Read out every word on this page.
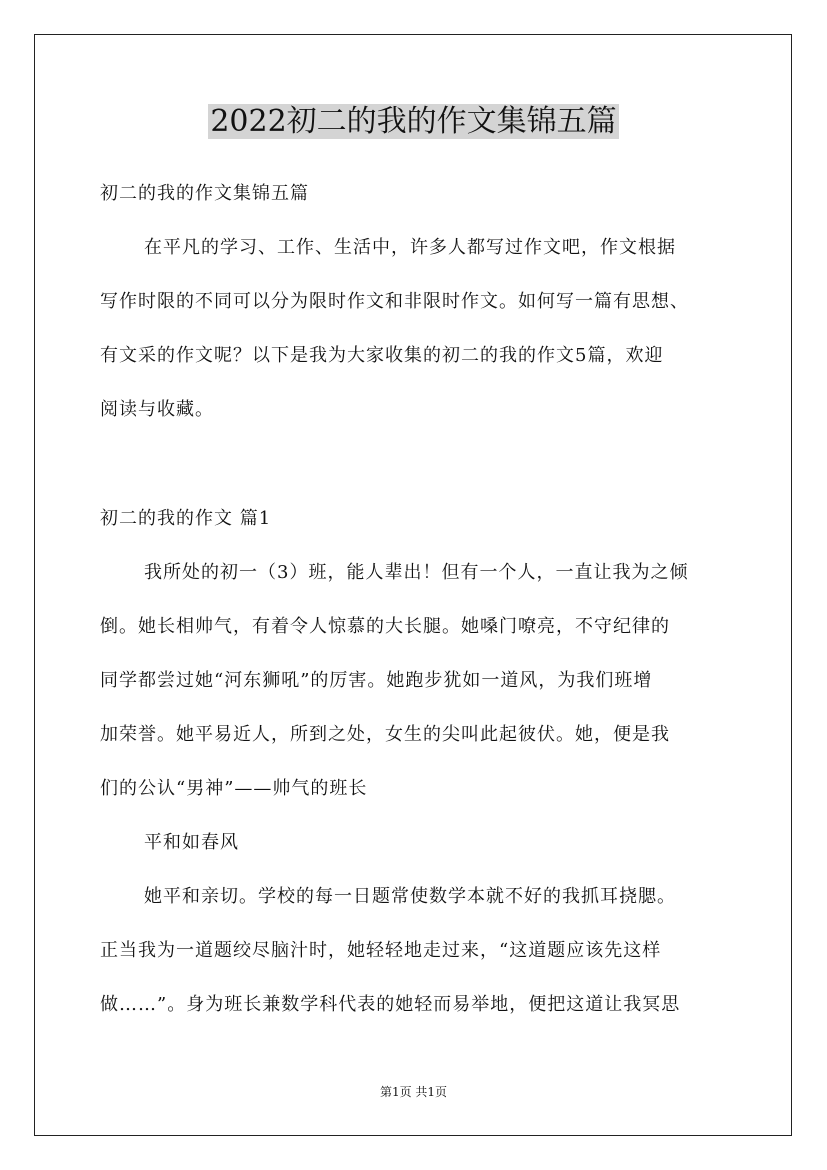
2022初二的我的作文集锦五篇
初二的我的作文集锦五篇
在平凡的学习、工作、生活中，许多人都写过作文吧，作文根据
写作时限的不同可以分为限时作文和非限时作文。如何写一篇有思想、
有文采的作文呢？以下是我为大家收集的初二的我的作文5篇，欢迎
阅读与收藏。
初二的我的作文 篇1
我所处的初一（3）班，能人辈出！但有一个人，一直让我为之倾
倒。她长相帅气，有着令人惊慕的大长腿。她嗓门嘹亮，不守纪律的
同学都尝过她“河东狮吼”的厉害。她跑步犹如一道风，为我们班增
加荣誉。她平易近人，所到之处，女生的尖叫此起彼伏。她，便是我
们的公认“男神”——帅气的班长
平和如春风
她平和亲切。学校的每一日题常使数学本就不好的我抓耳挠腮。
正当我为一道题绞尽脑汁时，她轻轻地走过来，“这道题应该先这样
做……”。身为班长兼数学科代表的她轻而易举地，便把这道让我冥思
第1页 共1页
